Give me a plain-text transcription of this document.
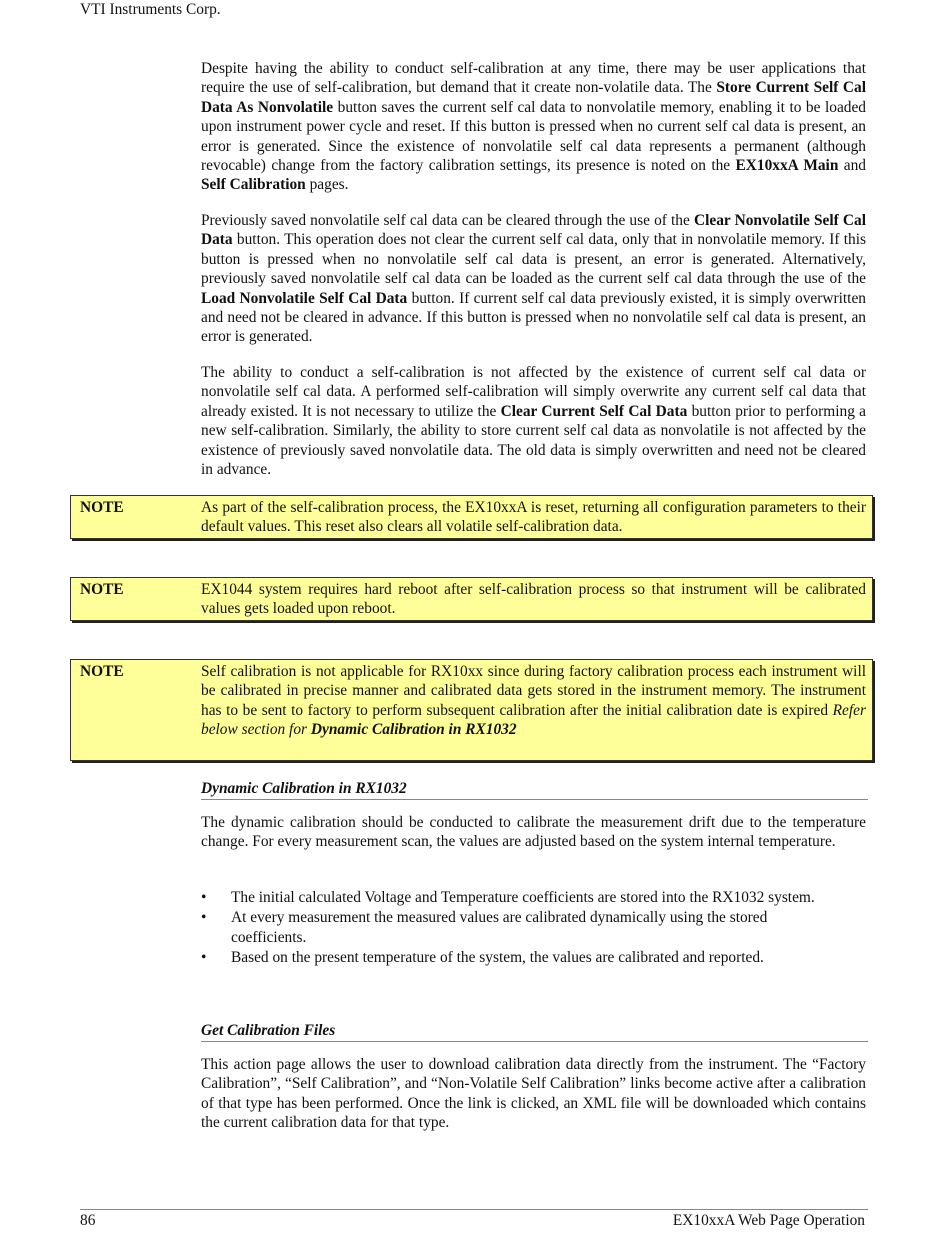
VTI Instruments Corp.

Despite having the ability to conduct self-calibration at any time, there may be user applications that require the use of self-calibration, but demand that it create non-volatile data. The Store Current Self Cal Data As Nonvolatile button saves the current self cal data to nonvolatile memory, enabling it to be loaded upon instrument power cycle and reset. If this button is pressed when no current self cal data is present, an error is generated. Since the existence of nonvolatile self cal data represents a permanent (although revocable) change from the factory calibration settings, its presence is noted on the EX10xxA Main and Self Calibration pages.

Previously saved nonvolatile self cal data can be cleared through the use of the Clear Nonvolatile Self Cal Data button. This operation does not clear the current self cal data, only that in nonvolatile memory. If this button is pressed when no nonvolatile self cal data is present, an error is generated. Alternatively, previously saved nonvolatile self cal data can be loaded as the current self cal data through the use of the Load Nonvolatile Self Cal Data button. If current self cal data previously existed, it is simply overwritten and need not be cleared in advance. If this button is pressed when no nonvolatile self cal data is present, an error is generated.

The ability to conduct a self-calibration is not affected by the existence of current self cal data or nonvolatile self cal data. A performed self-calibration will simply overwrite any current self cal data that already existed. It is not necessary to utilize the Clear Current Self Cal Data button prior to performing a new self-calibration. Similarly, the ability to store current self cal data as nonvolatile is not affected by the existence of previously saved nonvolatile data. The old data is simply overwritten and need not be cleared in advance.

NOTE	As part of the self-calibration process, the EX10xxA is reset, returning all configuration parameters to their default values. This reset also clears all volatile self-calibration data.
NOTE	EX1044 system requires hard reboot after self-calibration process so that instrument will be calibrated values gets loaded upon reboot.
NOTE	Self calibration is not applicable for RX10xx since during factory calibration process each instrument will be calibrated in precise manner and calibrated data gets stored in the instrument memory. The instrument has to be sent to factory to perform subsequent calibration after the initial calibration date is expired Refer below section for Dynamic Calibration in RX1032
Dynamic Calibration in RX1032

The dynamic calibration should be conducted to calibrate the measurement drift due to the temperature change. For every measurement scan, the values are adjusted based on the system internal temperature.

• The initial calculated Voltage and Temperature coefficients are stored into the RX1032 system.
• At every measurement the measured values are calibrated dynamically using the stored coefficients.
• Based on the present temperature of the system, the values are calibrated and reported.
Get Calibration Files

This action page allows the user to download calibration data directly from the instrument. The “Factory Calibration”, “Self Calibration”, and “Non-Volatile Self Calibration” links become active after a calibration of that type has been performed. Once the link is clicked, an XML file will be downloaded which contains the current calibration data for that type.

86	EX10xxA Web Page Operation
